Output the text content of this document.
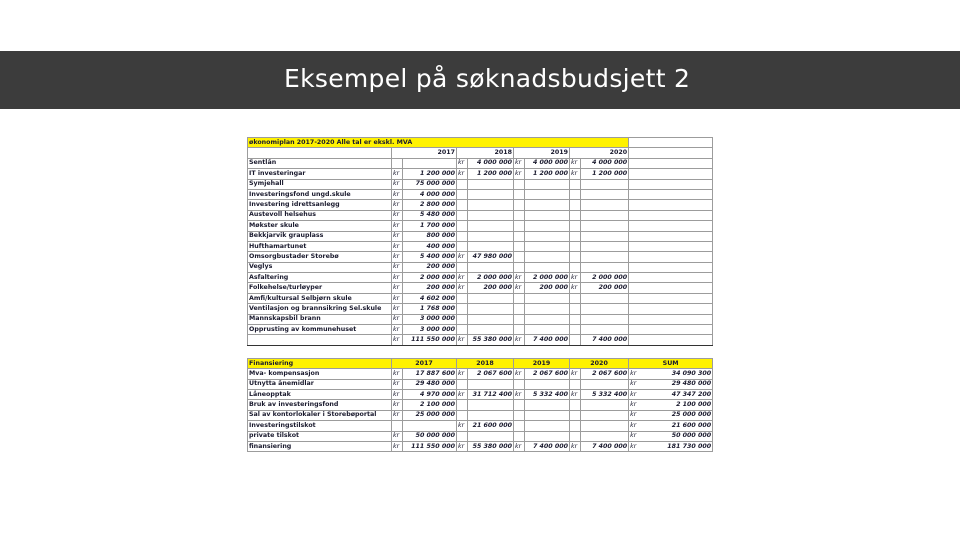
Eksempel på søknadsbudsjett 2
økonomiplan 2017-2020 Alle tal er ekskl. MVA									
	2017		2018		2019		2020		
Sentlån			kr	4 000 000	kr	4 000 000	kr	4 000 000	
IT investeringar	kr	1 200 000	kr	1 200 000	kr	1 200 000	kr	1 200 000	
Symjehall	kr	75 000 000							
Investeringsfond ungd.skule	kr	4 000 000							
Investering idrettsanlegg	kr	2 800 000							
Austevoll helsehus	kr	5 480 000							
Møkster skule	kr	1 700 000							
Bekkjarvik grauplass	kr	800 000							
Hufthamartunet	kr	400 000							
Omsorgbustader Storebø	kr	5 400 000	kr	47 980 000					
Veglys	kr	200 000							
Asfaltering	kr	2 000 000	kr	2 000 000	kr	2 000 000	kr	2 000 000	
Folkehelse/turløyper	kr	200 000	kr	200 000	kr	200 000	kr	200 000	
Amfi/kultursal Selbjørn skule	kr	4 602 000							
Ventilasjon og brannsikring Sel.skule	kr	1 768 000							
Mannskapsbil brann	kr	3 000 000							
Opprusting av kommunehuset	kr	3 000 000							
	kr	111 550 000	kr	55 380 000	kr	7 400 000		7 400 000	

Finansiering	2017		2018		2019		2020		SUM
Mva- kompensasjon	kr	17 887 600	kr	2 067 600	kr	2 067 600	kr	2 067 600	kr 34 090 300
Utnytta ånemidlar	kr	29 480 000							kr 29 480 000
Låneopptak	kr	4 970 000	kr	31 712 400	kr	5 332 400	kr	5 332 400	kr 47 347 200
Bruk av investeringsfond	kr	2 100 000							kr 2 100 000
Sal av kontorlokaler i Storebøportal	kr	25 000 000							kr 25 000 000
Investeringstilskot			kr	21 600 000					kr 21 600 000
private tilskot	kr	50 000 000							kr 50 000 000
finansiering	kr	111 550 000	kr	55 380 000	kr	7 400 000	kr	7 400 000	kr 181 730 000
